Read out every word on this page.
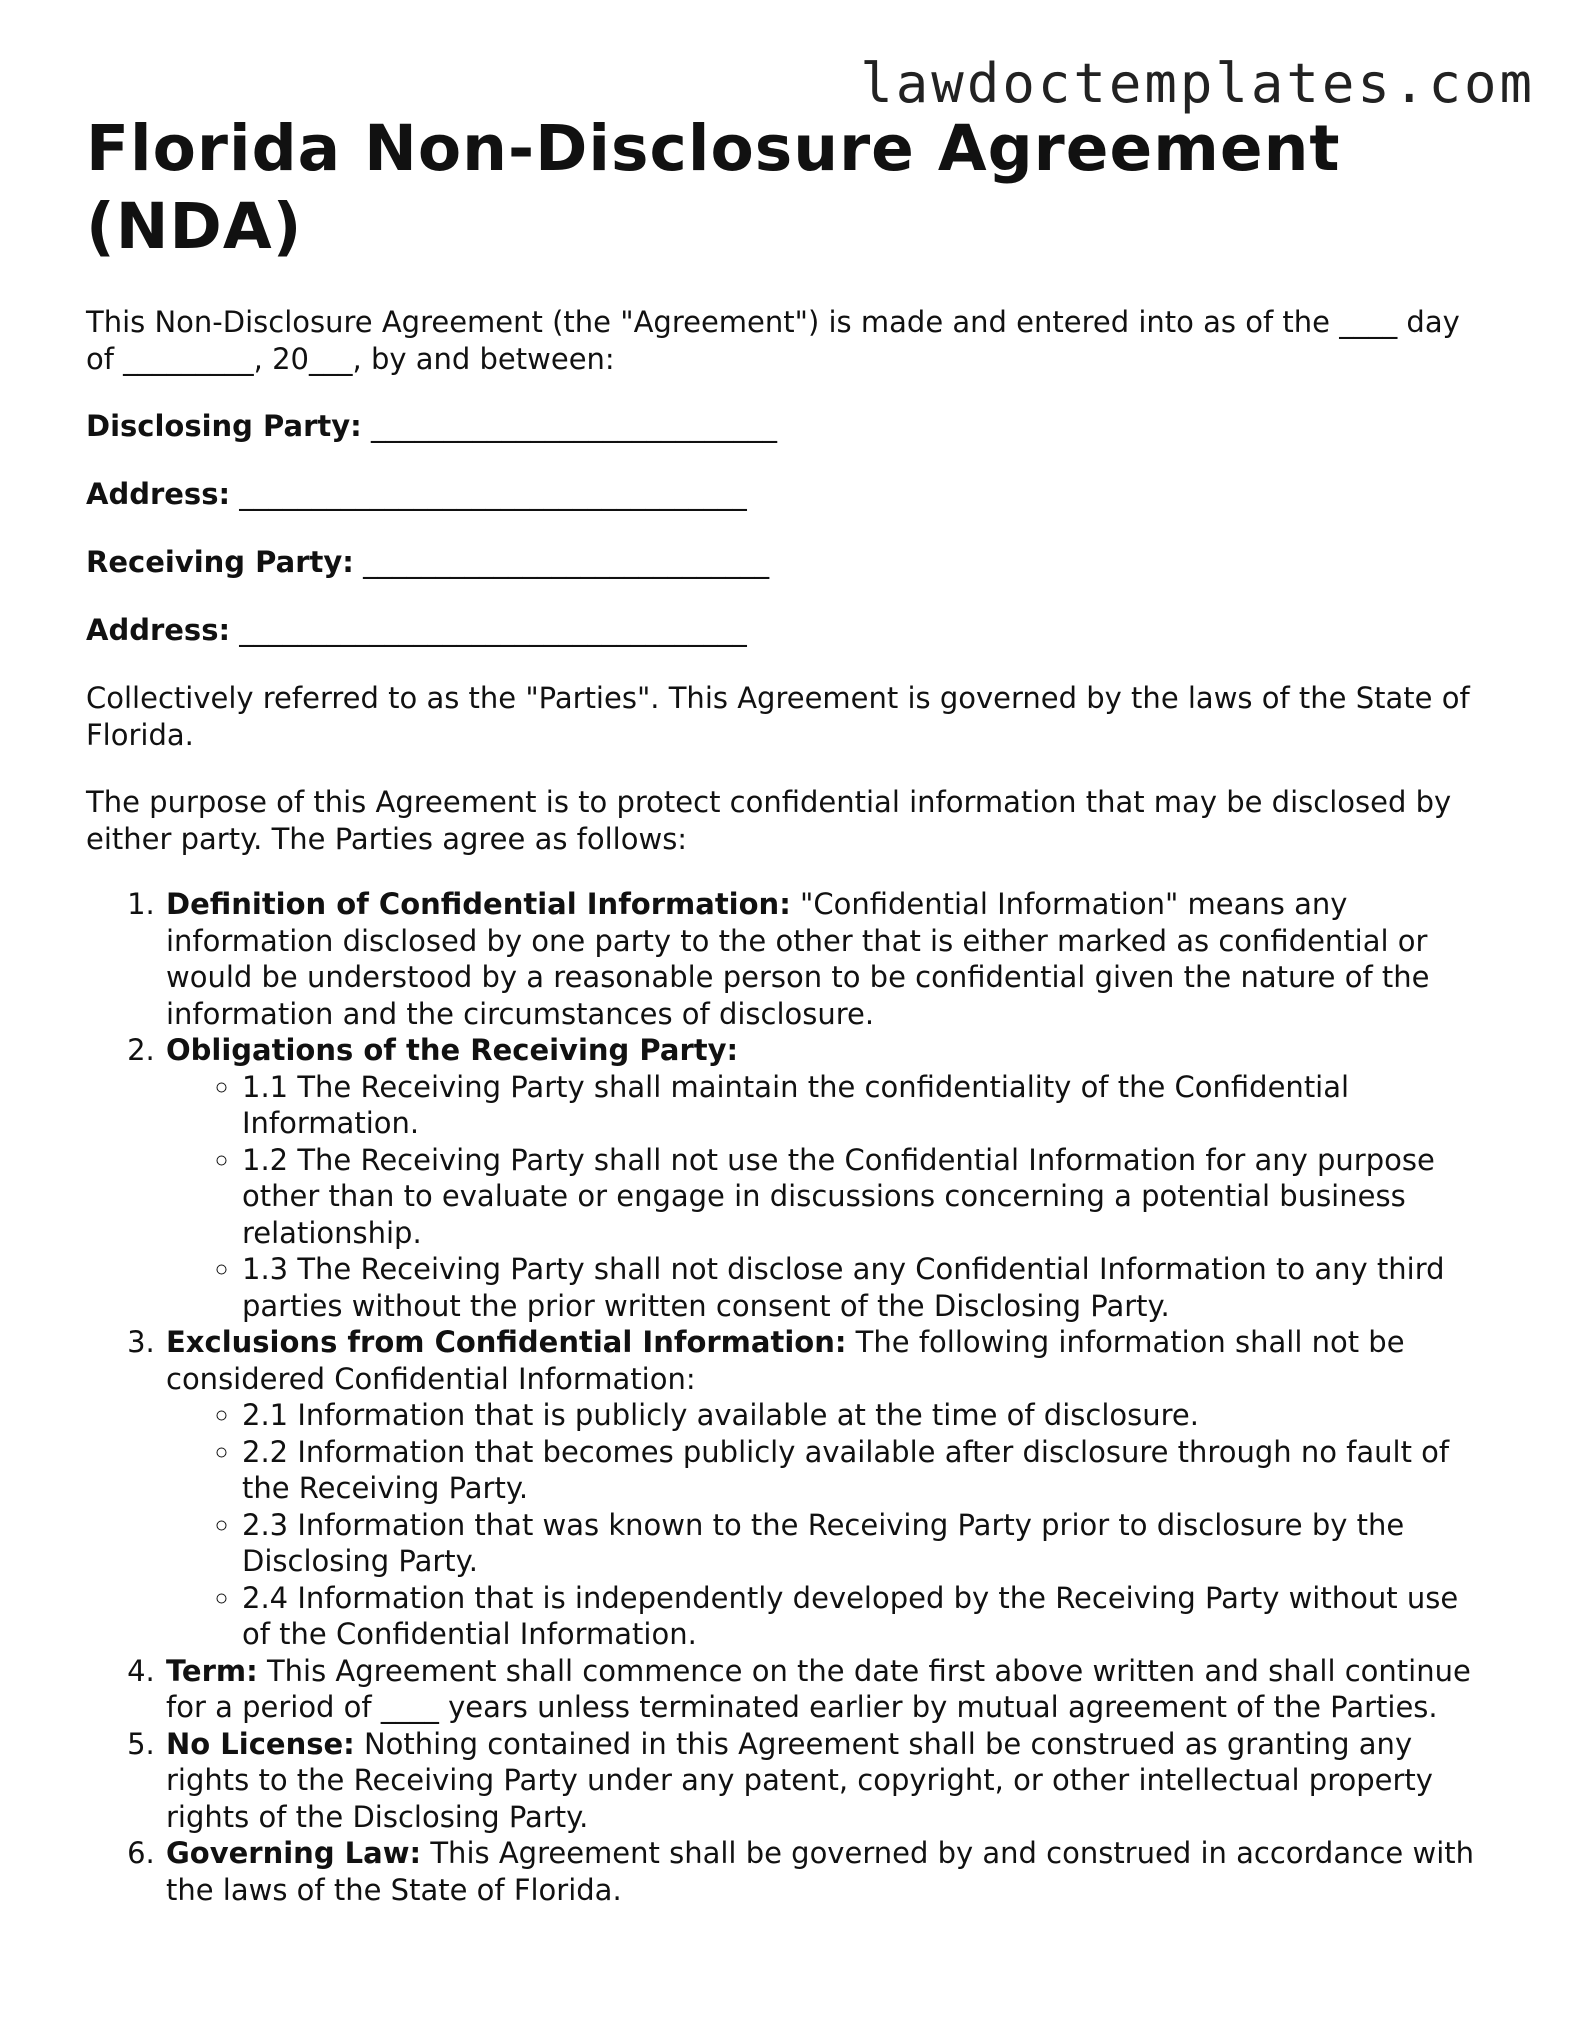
lawdoctemplates.com
Florida Non-Disclosure Agreement (NDA)

This Non-Disclosure Agreement (the "Agreement") is made and entered into as of the ____ day of _________, 20___, by and between:

Disclosing Party: ____________________________
Address: ___________________________________
Receiving Party: ____________________________
Address: ___________________________________

Collectively referred to as the "Parties". This Agreement is governed by the laws of the State of Florida.

The purpose of this Agreement is to protect confidential information that may be disclosed by either party. The Parties agree as follows:

1. Definition of Confidential Information: "Confidential Information" means any information disclosed by one party to the other that is either marked as confidential or would be understood by a reasonable person to be confidential given the nature of the information and the circumstances of disclosure.
2. Obligations of the Receiving Party:
◦ 1.1 The Receiving Party shall maintain the confidentiality of the Confidential Information.
◦ 1.2 The Receiving Party shall not use the Confidential Information for any purpose other than to evaluate or engage in discussions concerning a potential business relationship.
◦ 1.3 The Receiving Party shall not disclose any Confidential Information to any third parties without the prior written consent of the Disclosing Party.
3. Exclusions from Confidential Information: The following information shall not be considered Confidential Information:
◦ 2.1 Information that is publicly available at the time of disclosure.
◦ 2.2 Information that becomes publicly available after disclosure through no fault of the Receiving Party.
◦ 2.3 Information that was known to the Receiving Party prior to disclosure by the Disclosing Party.
◦ 2.4 Information that is independently developed by the Receiving Party without use of the Confidential Information.
4. Term: This Agreement shall commence on the date first above written and shall continue for a period of ____ years unless terminated earlier by mutual agreement of the Parties.
5. No License: Nothing contained in this Agreement shall be construed as granting any rights to the Receiving Party under any patent, copyright, or other intellectual property rights of the Disclosing Party.
6. Governing Law: This Agreement shall be governed by and construed in accordance with the laws of the State of Florida.
